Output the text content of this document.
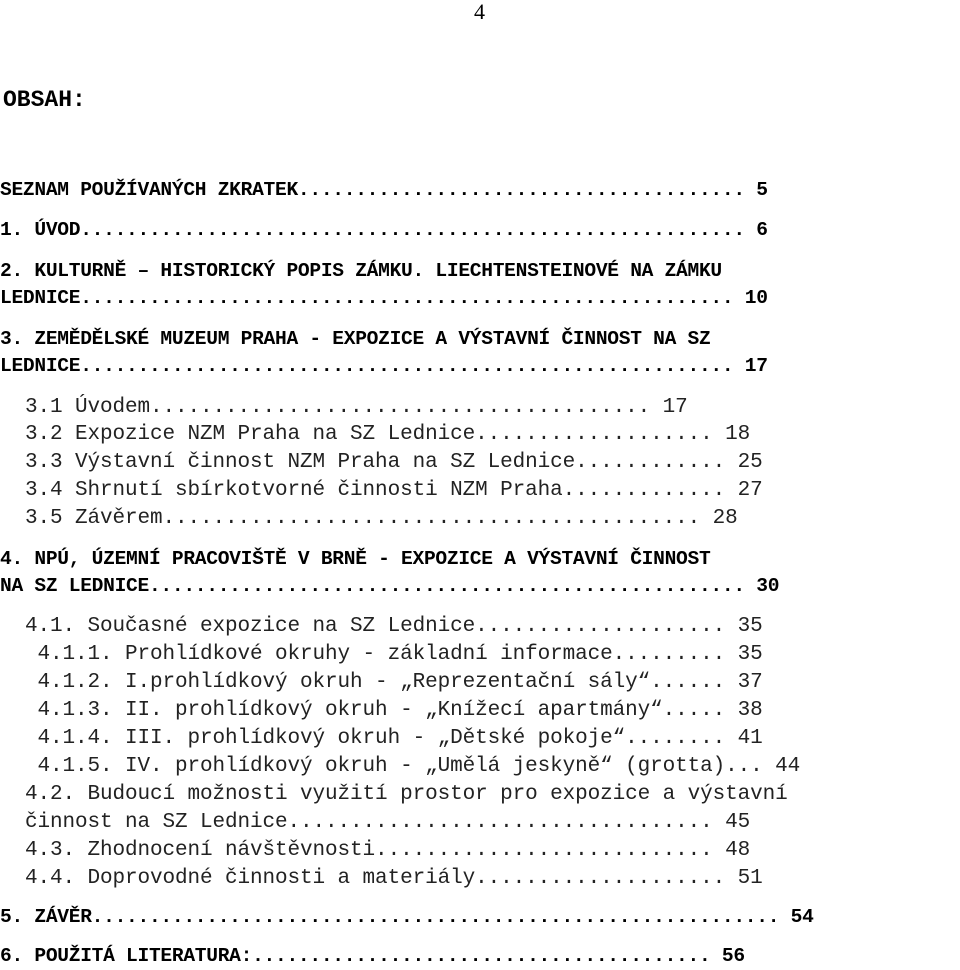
4
OBSAH:
SEZNAM POUŽÍVANÝCH ZKRATEK....................................... 5
1. ÚVOD.......................................................... 6
2. KULTURNĚ – HISTORICKÝ POPIS ZÁMKU. LIECHTENSTEINOVÉ NA ZÁMKU
LEDNICE......................................................... 10
3. ZEMĚDĚLSKÉ MUZEUM PRAHA - EXPOZICE A VÝSTAVNÍ ČINNOST NA SZ
LEDNICE......................................................... 17
3.1 Úvodem........................................ 17
3.2 Expozice NZM Praha na SZ Lednice................... 18
3.3 Výstavní činnost NZM Praha na SZ Lednice............ 25
3.4 Shrnutí sbírkotvorné činnosti NZM Praha............. 27
3.5 Závěrem........................................... 28
4. NPÚ, ÚZEMNÍ PRACOVIŠTĚ V BRNĚ - EXPOZICE A VÝSTAVNÍ ČINNOST
NA SZ LEDNICE.................................................... 30
4.1. Současné expozice na SZ Lednice.................... 35
4.1.1. Prohlídkové okruhy - základní informace......... 35
4.1.2. I.prohlídkový okruh - „Reprezentační sály“...... 37
4.1.3. II. prohlídkový okruh - „Knížecí apartmány“..... 38
4.1.4. III. prohlídkový okruh - „Dětské pokoje“........ 41
4.1.5. IV. prohlídkový okruh - „Umělá jeskyně“ (grotta)... 44
4.2. Budoucí možnosti využití prostor pro expozice a výstavní
činnost na SZ Lednice.................................. 45
4.3. Zhodnocení návštěvnosti........................... 48
4.4. Doprovodné činnosti a materiály.................... 51
5. ZÁVĚR............................................................ 54
6. POUŽITÁ LITERATURA:........................................ 56
